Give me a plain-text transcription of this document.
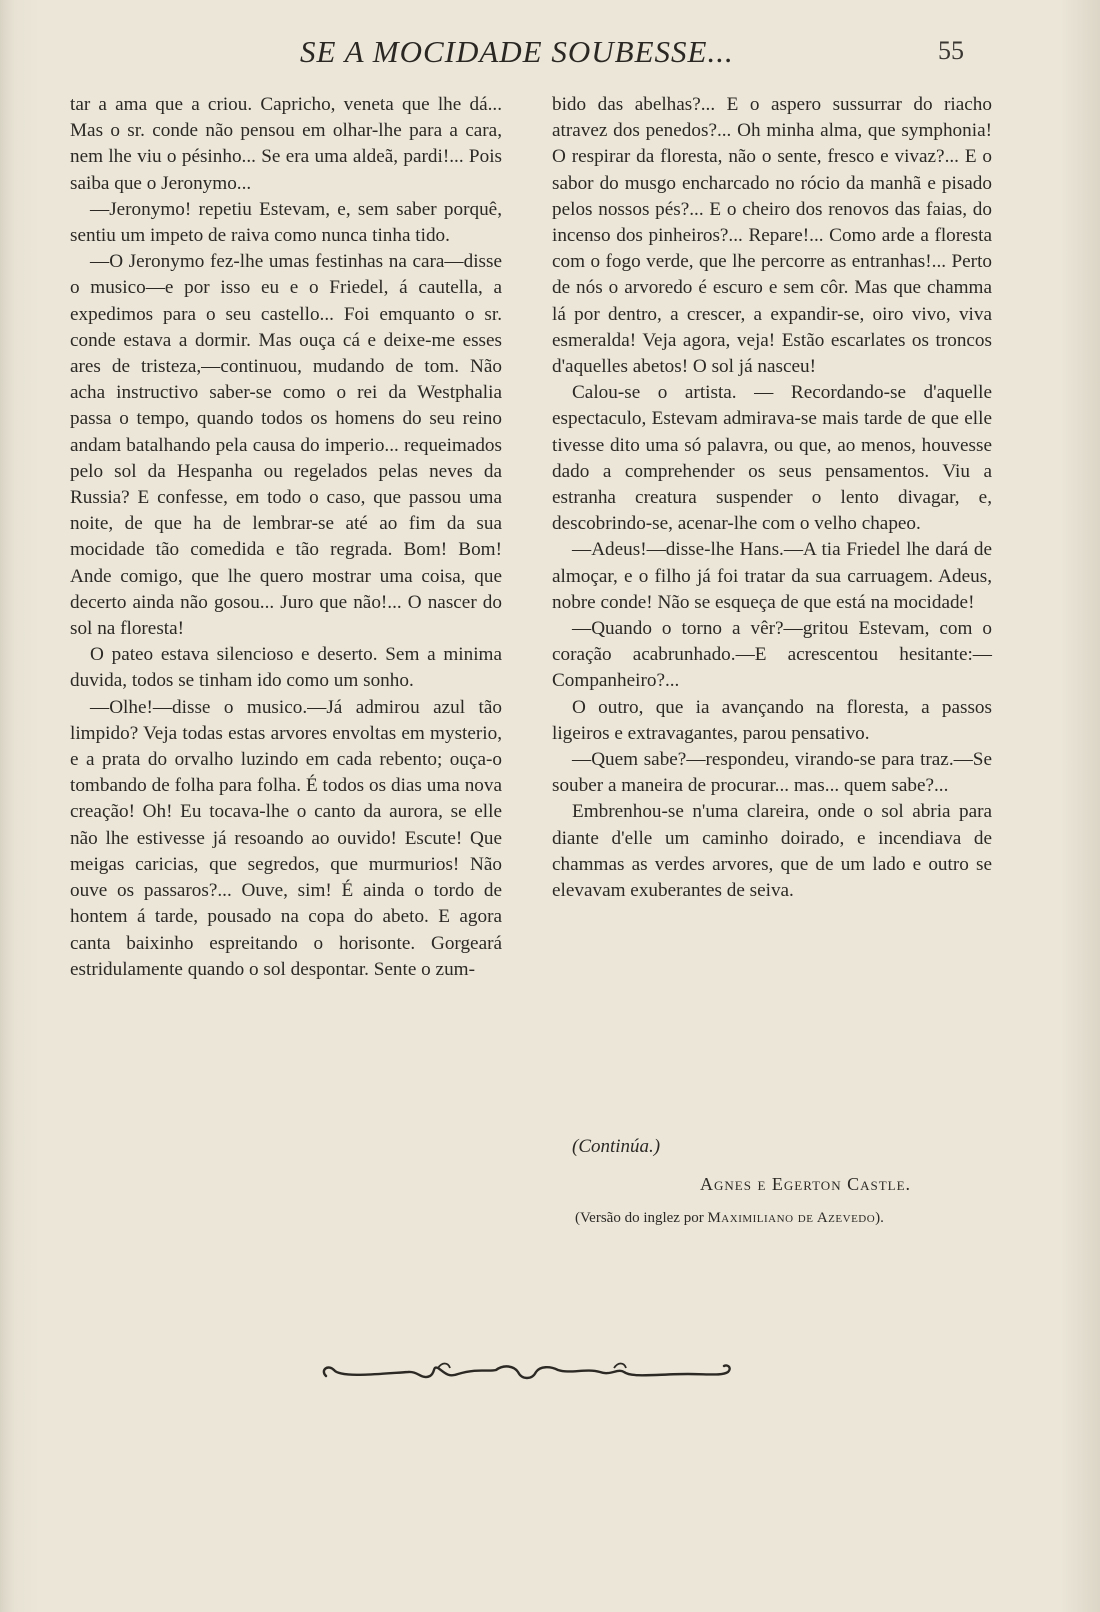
SE A MOCIDADE SOUBESSE...	55

tar a ama que a criou. Capricho, veneta que lhe dá... Mas o sr. conde não pensou em olhar-lhe para a cara, nem lhe viu o pésinho... Se era uma aldeã, pardi!... Pois saiba que o Jeronymo...

—Jeronymo! repetiu Estevam, e, sem saber porquê, sentiu um impeto de raiva como nunca tinha tido.

—O Jeronymo fez-lhe umas festinhas na cara—disse o musico—e por isso eu e o Friedel, á cautella, a expedimos para o seu castello... Foi emquanto o sr. conde estava a dormir. Mas ouça cá e deixe-me esses ares de tristeza,—continuou, mudando de tom. Não acha instructivo saber-se como o rei da Westphalia passa o tempo, quando todos os homens do seu reino andam batalhando pela causa do imperio... requeimados pelo sol da Hespanha ou regelados pelas neves da Russia? E confesse, em todo o caso, que passou uma noite, de que ha de lembrar-se até ao fim da sua mocidade tão comedida e tão regrada. Bom! Bom! Ande comigo, que lhe quero mostrar uma coisa, que decerto ainda não gosou... Juro que não!... O nascer do sol na floresta!

O pateo estava silencioso e deserto. Sem a minima duvida, todos se tinham ido como um sonho.

—Olhe!—disse o musico.—Já admirou azul tão limpido? Veja todas estas arvores envoltas em mysterio, e a prata do orvalho luzindo em cada rebento; ouça-o tombando de folha para folha. É todos os dias uma nova creação! Oh! Eu tocava-lhe o canto da aurora, se elle não lhe estivesse já resoando ao ouvido! Escute! Que meigas caricias, que segredos, que murmurios! Não ouve os passaros?... Ouve, sim! É ainda o tordo de hontem á tarde, pousado na copa do abeto. E agora canta baixinho espreitando o horisonte. Gorgeará estridulamente quando o sol despontar. Sente o zum-

bido das abelhas?... E o aspero sussurrar do riacho atravez dos penedos?... Oh minha alma, que symphonia! O respirar da floresta, não o sente, fresco e vivaz?... E o sabor do musgo encharcado no rócio da manhã e pisado pelos nossos pés?... E o cheiro dos renovos das faias, do incenso dos pinheiros?... Repare!... Como arde a floresta com o fogo verde, que lhe percorre as entranhas!... Perto de nós o arvoredo é escuro e sem côr. Mas que chamma lá por dentro, a crescer, a expandir-se, oiro vivo, viva esmeralda! Veja agora, veja! Estão escarlates os troncos d'aquelles abetos! O sol já nasceu!

Calou-se o artista. — Recordando-se d'aquelle espectaculo, Estevam admirava-se mais tarde de que elle tivesse dito uma só palavra, ou que, ao menos, houvesse dado a comprehender os seus pensamentos. Viu a estranha creatura suspender o lento divagar, e, descobrindo-se, acenar-lhe com o velho chapeo.

—Adeus!—disse-lhe Hans.—A tia Friedel lhe dará de almoçar, e o filho já foi tratar da sua carruagem. Adeus, nobre conde! Não se esqueça de que está na mocidade!

—Quando o torno a vêr?—gritou Estevam, com o coração acabrunhado.—E acrescentou hesitante:—Companheiro?...

O outro, que ia avançando na floresta, a passos ligeiros e extravagantes, parou pensativo.

—Quem sabe?—respondeu, virando-se para traz.—Se souber a maneira de procurar... mas... quem sabe?...

Embrenhou-se n'uma clareira, onde o sol abria para diante d'elle um caminho doirado, e incendiava de chammas as verdes arvores, que de um lado e outro se elevavam exuberantes de seiva.

(Continúa.)
Agnes e Egerton Castle.
(Versão do inglez por Maximiliano de Azevedo).
